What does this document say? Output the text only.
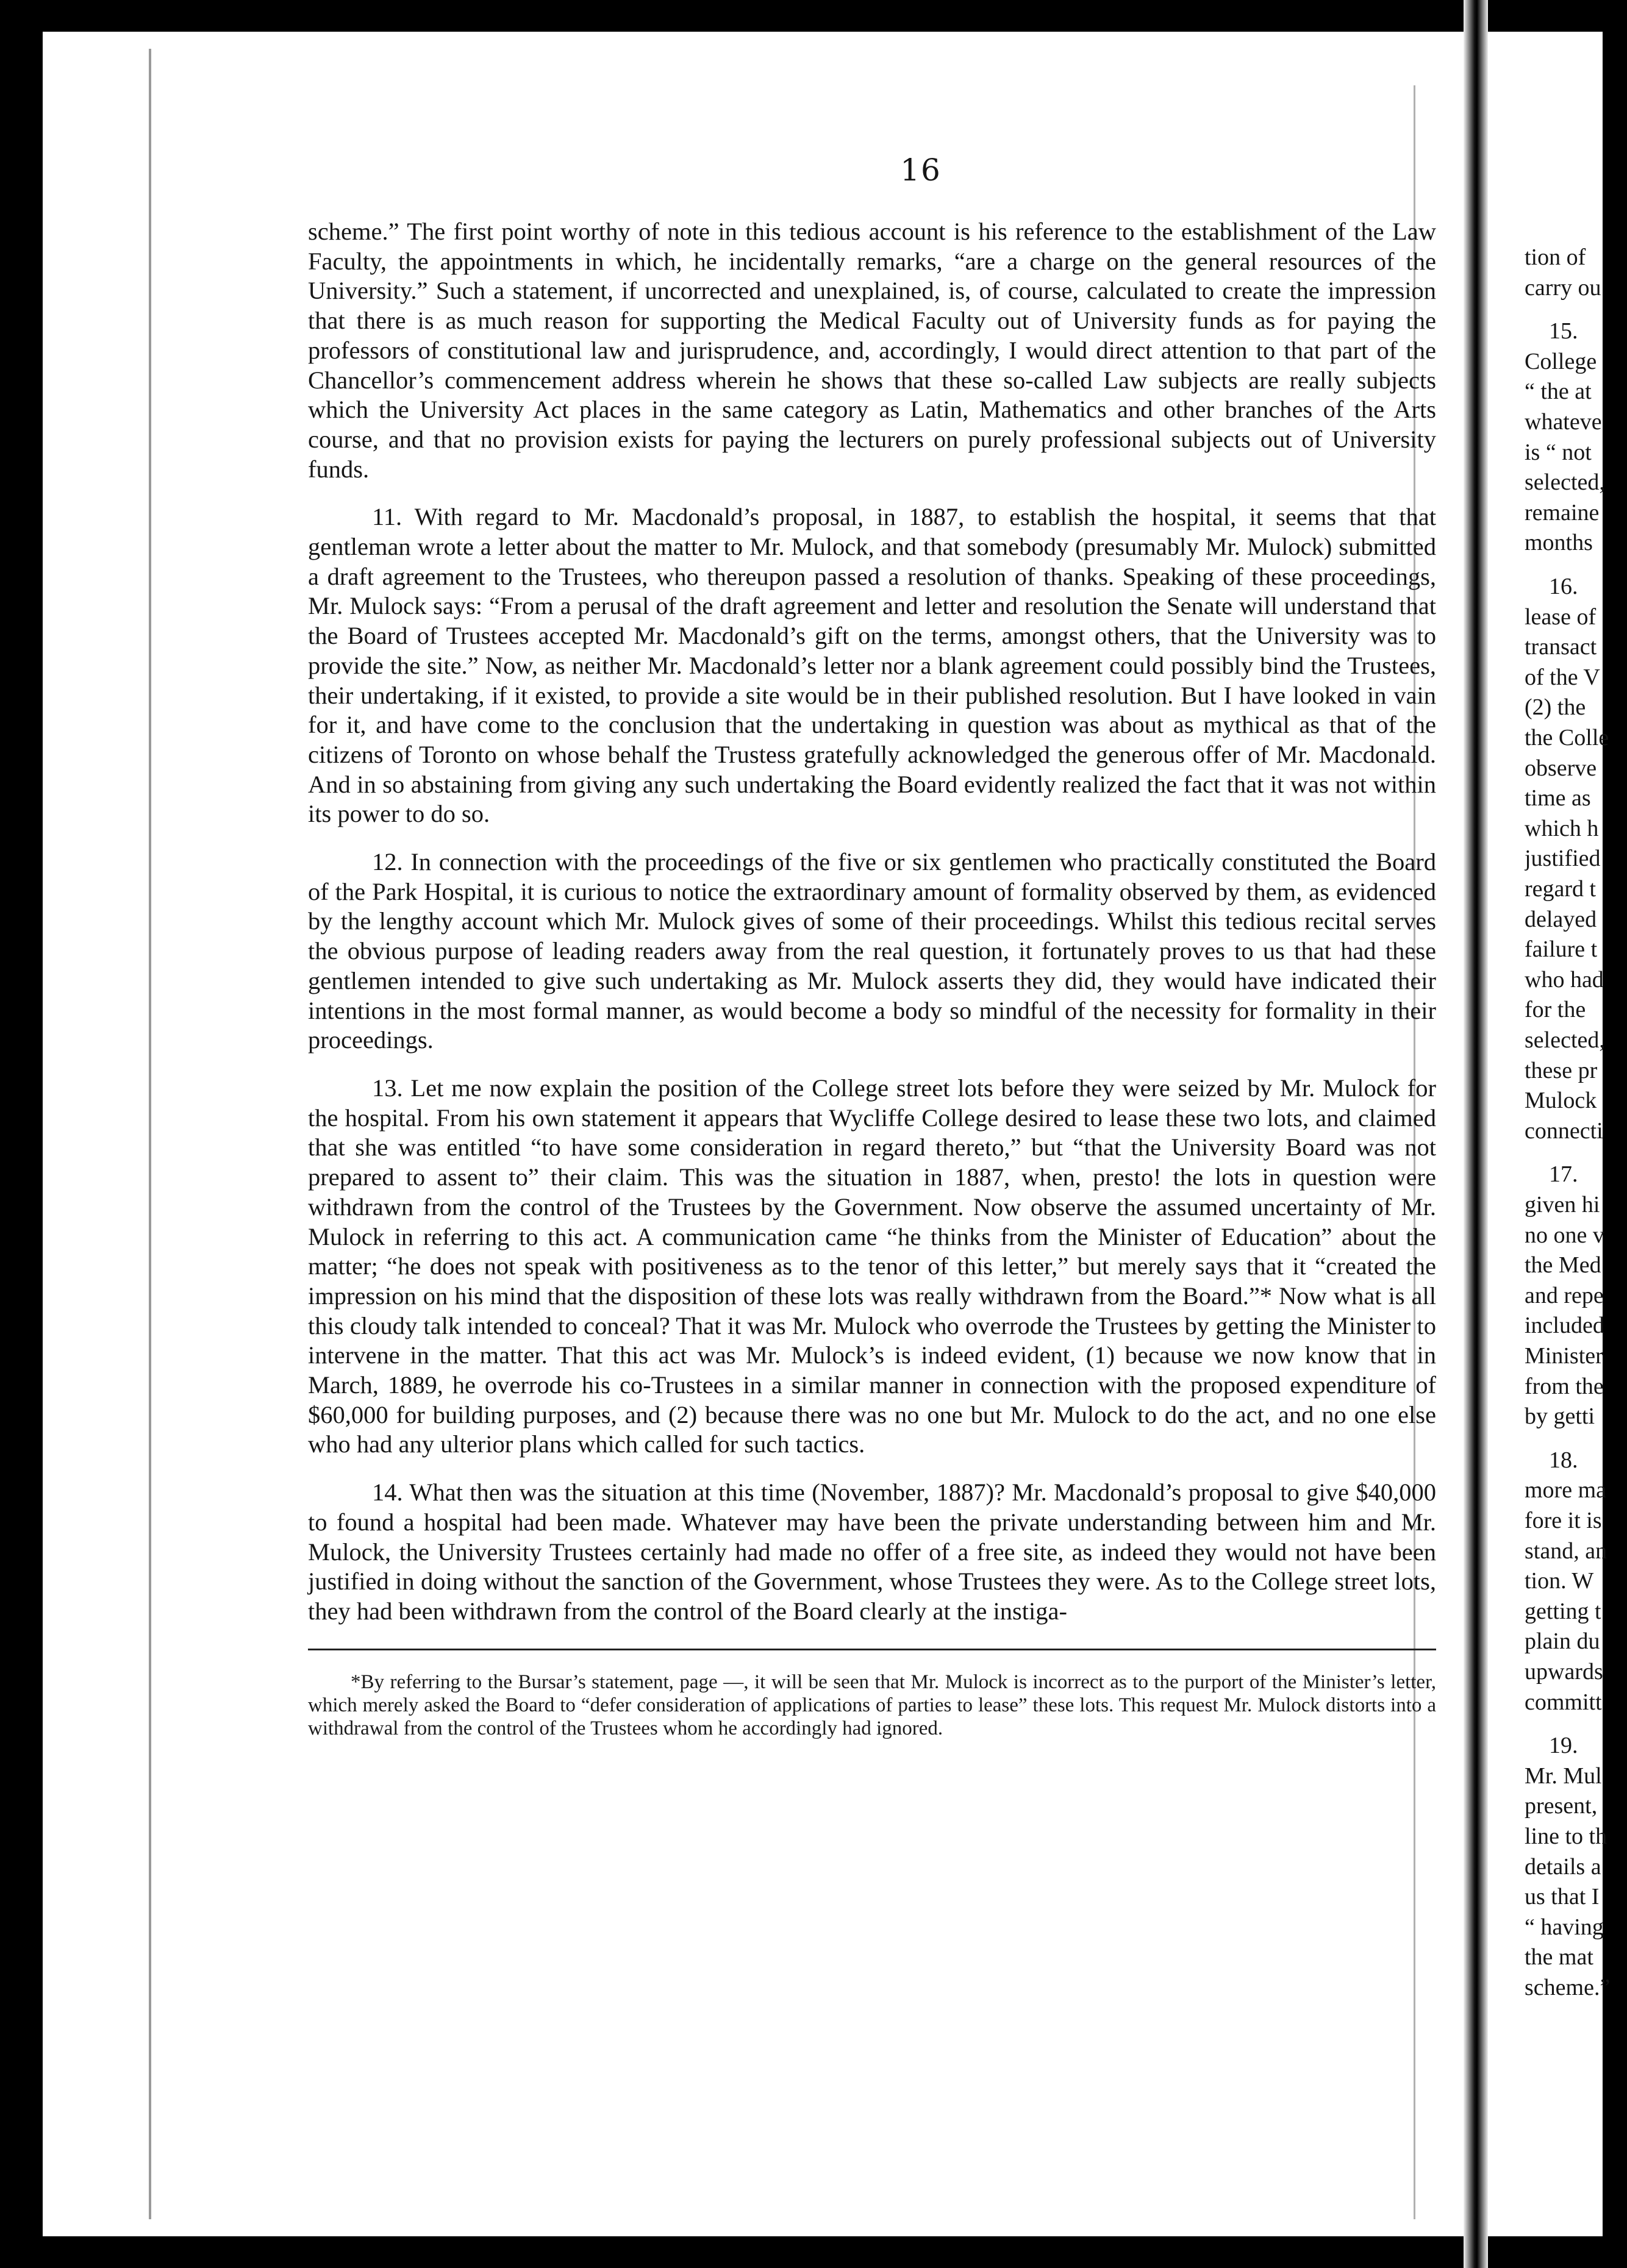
16

scheme.” The first point worthy of note in this tedious account is his reference to the establishment of the Law Faculty, the appointments in which, he incidentally remarks, “are a charge on the general resources of the University.” Such a statement, if uncorrected and unexplained, is, of course, calculated to create the impression that there is as much reason for supporting the Medical Faculty out of University funds as for paying the professors of constitutional law and jurisprudence, and, accordingly, I would direct attention to that part of the Chancellor’s commencement address wherein he shows that these so-called Law subjects are really subjects which the University Act places in the same category as Latin, Mathematics and other branches of the Arts course, and that no provision exists for paying the lecturers on purely professional subjects out of University funds.

11. With regard to Mr. Macdonald’s proposal, in 1887, to establish the hospital, it seems that that gentleman wrote a letter about the matter to Mr. Mulock, and that somebody (presumably Mr. Mulock) submitted a draft agreement to the Trustees, who thereupon passed a resolution of thanks. Speaking of these proceedings, Mr. Mulock says: “From a perusal of the draft agreement and letter and resolution the Senate will understand that the Board of Trustees accepted Mr. Macdonald’s gift on the terms, amongst others, that the University was to provide the site.” Now, as neither Mr. Macdonald’s letter nor a blank agreement could possibly bind the Trustees, their undertaking, if it existed, to provide a site would be in their published resolution. But I have looked in vain for it, and have come to the conclusion that the undertaking in question was about as mythical as that of the citizens of Toronto on whose behalf the Trustess gratefully acknowledged the generous offer of Mr. Macdonald. And in so abstaining from giving any such undertaking the Board evidently realized the fact that it was not within its power to do so.

12. In connection with the proceedings of the five or six gentlemen who practically constituted the Board of the Park Hospital, it is curious to notice the extraordinary amount of formality observed by them, as evidenced by the lengthy account which Mr. Mulock gives of some of their proceedings. Whilst this tedious recital serves the obvious purpose of leading readers away from the real question, it fortunately proves to us that had these gentlemen intended to give such undertaking as Mr. Mulock asserts they did, they would have indicated their intentions in the most formal manner, as would become a body so mindful of the necessity for formality in their proceedings.

13. Let me now explain the position of the College street lots before they were seized by Mr. Mulock for the hospital. From his own statement it appears that Wycliffe College desired to lease these two lots, and claimed that she was entitled “to have some consideration in regard thereto,” but “that the University Board was not prepared to assent to” their claim. This was the situation in 1887, when, presto! the lots in question were withdrawn from the control of the Trustees by the Government. Now observe the assumed uncertainty of Mr. Mulock in referring to this act. A communication came “he thinks from the Minister of Education” about the matter; “he does not speak with positiveness as to the tenor of this letter,” but merely says that it “created the impression on his mind that the disposition of these lots was really withdrawn from the Board.”* Now what is all this cloudy talk intended to conceal? That it was Mr. Mulock who overrode the Trustees by getting the Minister to intervene in the matter. That this act was Mr. Mulock’s is indeed evident, (1) because we now know that in March, 1889, he overrode his co-Trustees in a similar manner in connection with the proposed expenditure of $60,000 for building purposes, and (2) because there was no one but Mr. Mulock to do the act, and no one else who had any ulterior plans which called for such tactics.

14. What then was the situation at this time (November, 1887)? Mr. Macdonald’s proposal to give $40,000 to found a hospital had been made. Whatever may have been the private understanding between him and Mr. Mulock, the University Trustees certainly had made no offer of a free site, as indeed they would not have been justified in doing without the sanction of the Government, whose Trustees they were. As to the College street lots, they had been withdrawn from the control of the Board clearly at the instiga-

*By referring to the Bursar’s statement, page —, it will be seen that Mr. Mulock is incorrect as to the purport of the Minister’s letter, which merely asked the Board to “defer consideration of applications of parties to lease” these lots. This request Mr. Mulock distorts into a withdrawal from the control of the Trustees whom he accordingly had ignored.

tion of
carry ou
15.
College
“ the at
whateve
is “ not
selected,
remaine
months
16.
lease of
transact
of the V
(2) the
the Colle
observe
time as
which h
justified
regard t
delayed
failure t
who had
for the
selected,
these pr
Mulock
connecti
17.
given hi
no one v
the Med
and repe
included
Minister
from the
by getti
18.
more ma
fore it is
stand, an
tion. W
getting t
plain du
upwards
committ
19.
Mr. Mul
present,
line to th
details a
us that I
“ having
the mat
scheme.”
